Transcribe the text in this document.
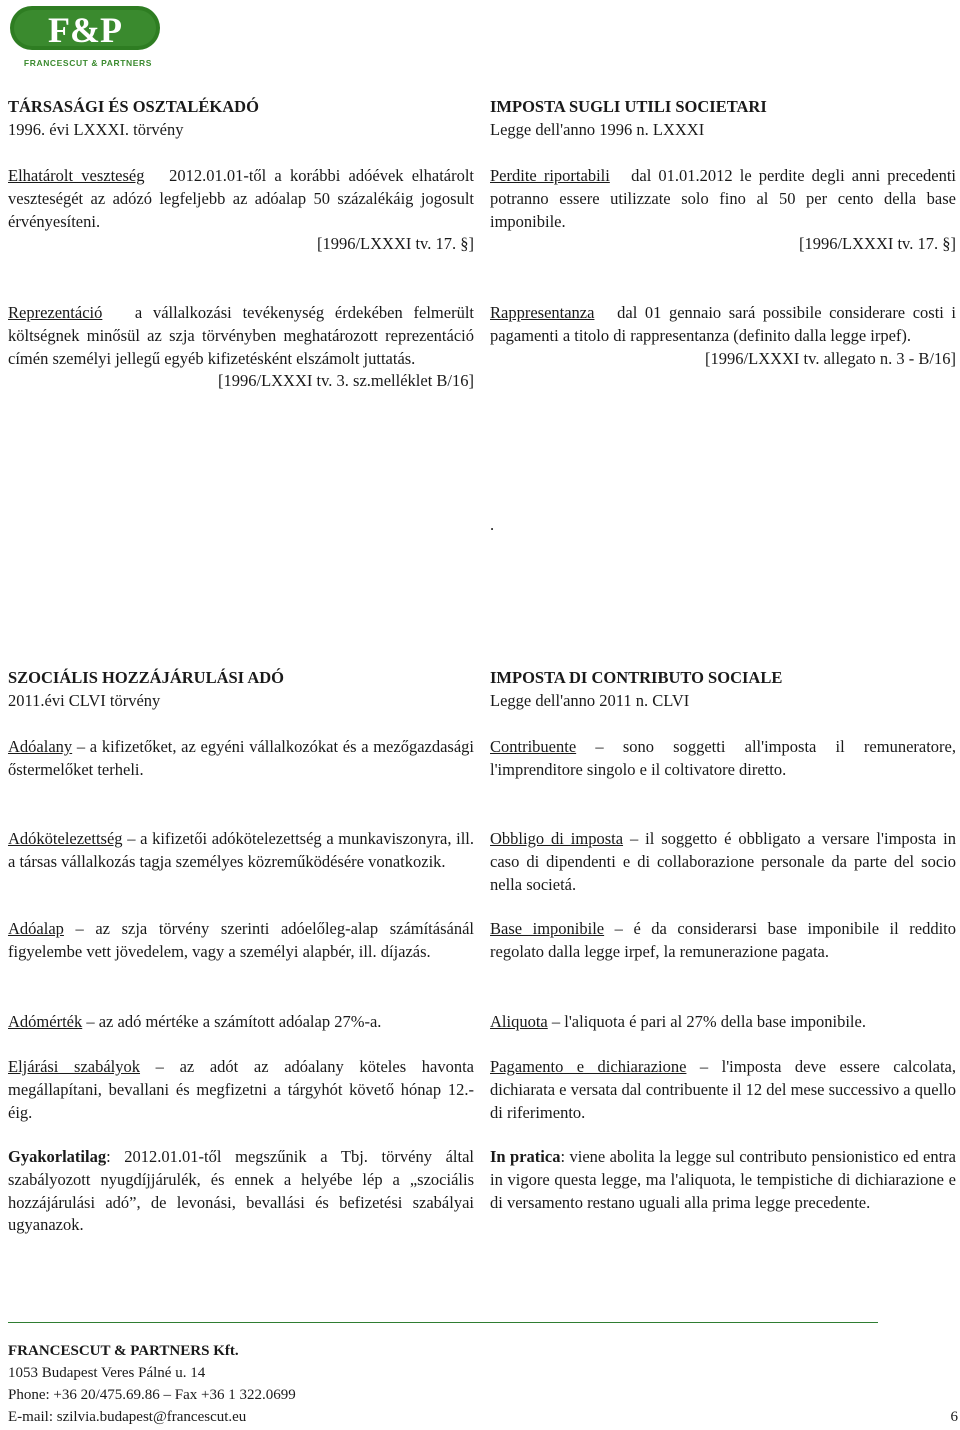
F&P
FRANCESCUT & PARTNERS
TÁRSASÁGI ÉS OSZTALÉKADÓ
1996. évi LXXXI. törvény
IMPOSTA SUGLI UTILI SOCIETARI
Legge dell'anno 1996 n. LXXXI

Elhatárolt veszteség 2012.01.01-től a korábbi adóévek elhatárolt veszteségét az adózó legfeljebb az adóalap 50 százalékáig jogosult érvényesíteni.

[1996/LXXXI tv. 17. §]

Perdite riportabili dal 01.01.2012 le perdite degli anni precedenti potranno essere utilizzate solo fino al 50 per cento della base imponibile.

[1996/LXXXI tv. 17. §]

Reprezentáció a vállalkozási tevékenység érdekében felmerült költségnek minősül az szja törvényben meghatározott reprezentáció címén személyi jellegű egyéb kifizetésként elszámolt juttatás.

[1996/LXXXI tv. 3. sz.melléklet B/16]

Rappresentanza dal 01 gennaio sará possibile considerare costi i pagamenti a titolo di rappresentanza (definito dalla legge irpef).

[1996/LXXXI tv. allegato n. 3 - B/16]

.
SZOCIÁLIS HOZZÁJÁRULÁSI ADÓ
2011.évi CLVI törvény
IMPOSTA DI CONTRIBUTO SOCIALE
Legge dell'anno 2011 n. CLVI

Adóalany – a kifizetőket, az egyéni vállalkozókat és a mezőgazdasági őstermelőket terheli.

Contribuente – sono soggetti all'imposta il remuneratore, l'imprenditore singolo e il coltivatore diretto.

Adókötelezettség – a kifizetői adókötelezettség a munkaviszonyra, ill. a társas vállalkozás tagja személyes közreműködésére vonatkozik.

Obbligo di imposta – il soggetto é obbligato a versare l'imposta in caso di dipendenti e di collaborazione personale da parte del socio nella societá.

Adóalap – az szja törvény szerinti adóelőleg-alap számításánál figyelembe vett jövedelem, vagy a személyi alapbér, ill. díjazás.

Base imponibile – é da considerarsi base imponibile il reddito regolato dalla legge irpef, la remunerazione pagata.

Adómérték – az adó mértéke a számított adóalap 27%-a.	Aliquota – l'aliquota é pari al 27% della base imponibile.

Eljárási szabályok – az adót az adóalany köteles havonta megállapítani, bevallani és megfizetni a tárgyhót követő hónap 12.-éig.

Pagamento e dichiarazione – l'imposta deve essere calcolata, dichiarata e versata dal contribuente il 12 del mese successivo a quello di riferimento.

Gyakorlatilag: 2012.01.01-től megszűnik a Tbj. törvény által szabályozott nyugdíjjárulék, és ennek a helyébe lép a „szociális hozzájárulási adó”, de levonási, bevallási és befizetési szabályai ugyanazok.

In pratica: viene abolita la legge sul contributo pensionistico ed entra in vigore questa legge, ma l'aliquota, le tempistiche di dichiarazione e di versamento restano uguali alla prima legge precedente.

FRANCESCUT & PARTNERS Kft.
1053 Budapest Veres Pálné u. 14
Phone: +36 20/475.69.86 – Fax +36 1 322.0699
E-mail: szilvia.budapest@francescut.eu	6
